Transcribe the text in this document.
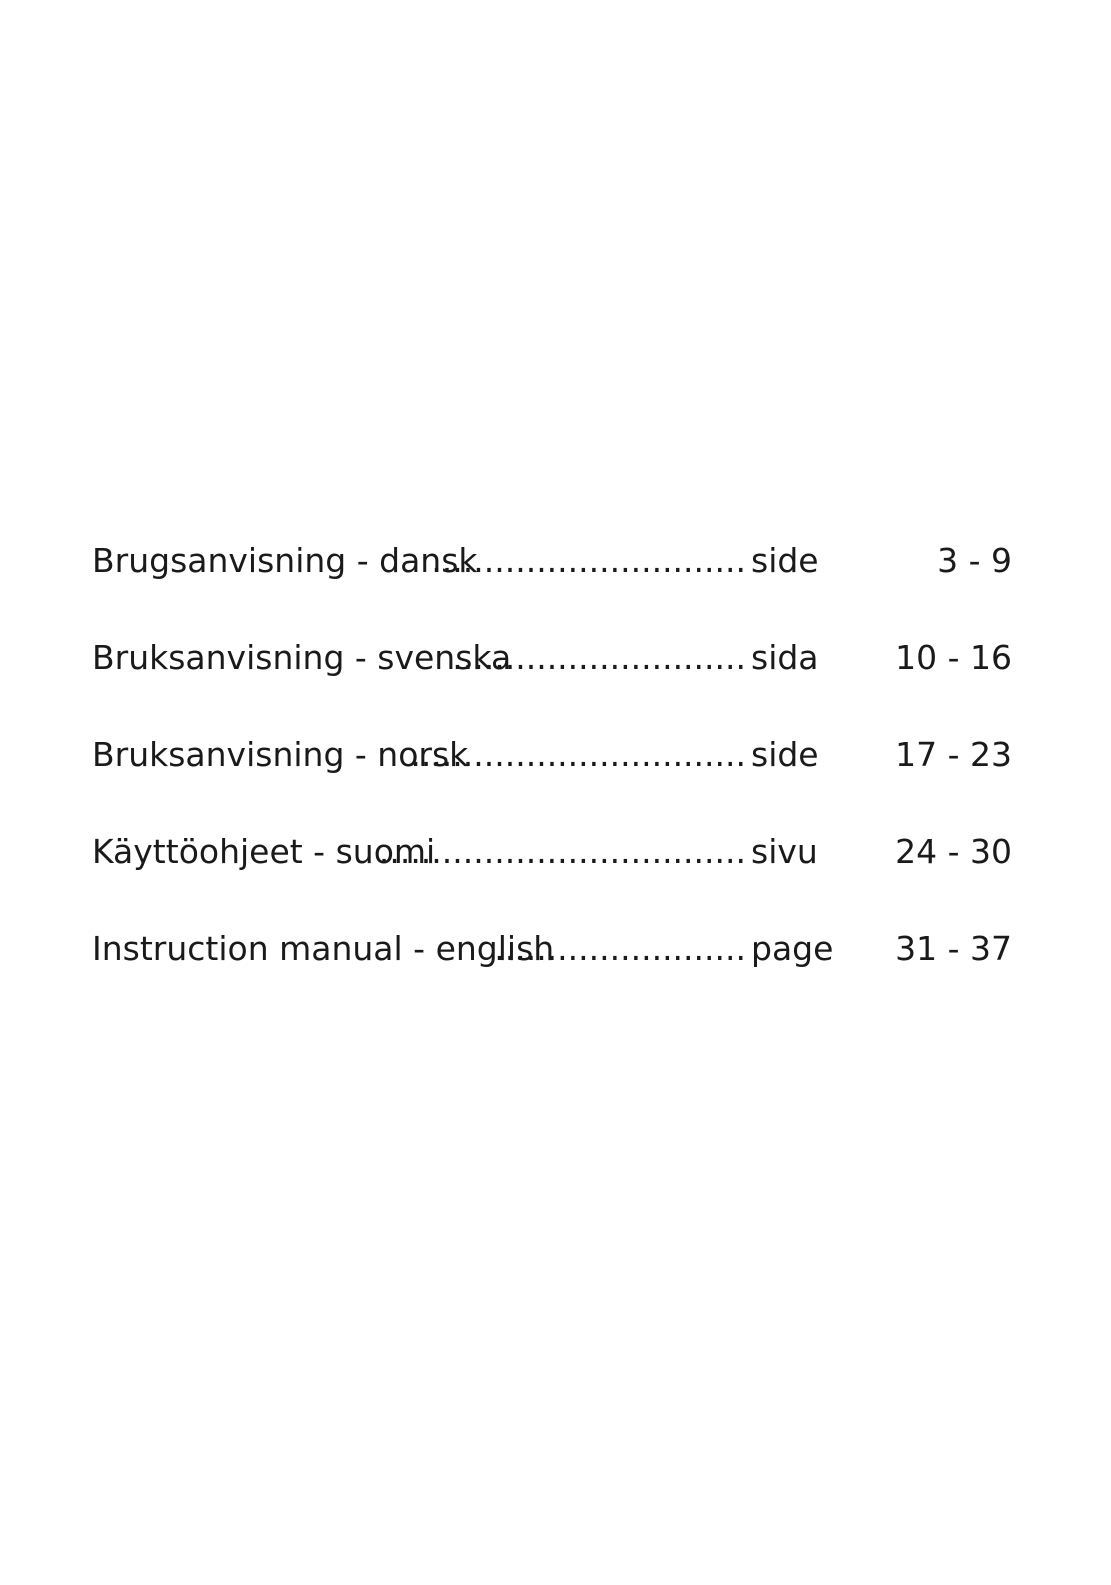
Brugsanvisning - dansk
.............................. side	3 - 9
Bruksanvisning - svenska
............................ sida 10 - 16
Bruksanvisning - norsk
................................ side 17 - 23
Käyttöohjeet - suomi
................................... sivu 24 - 30
Instruction manual - english
........................ page 31 - 37
